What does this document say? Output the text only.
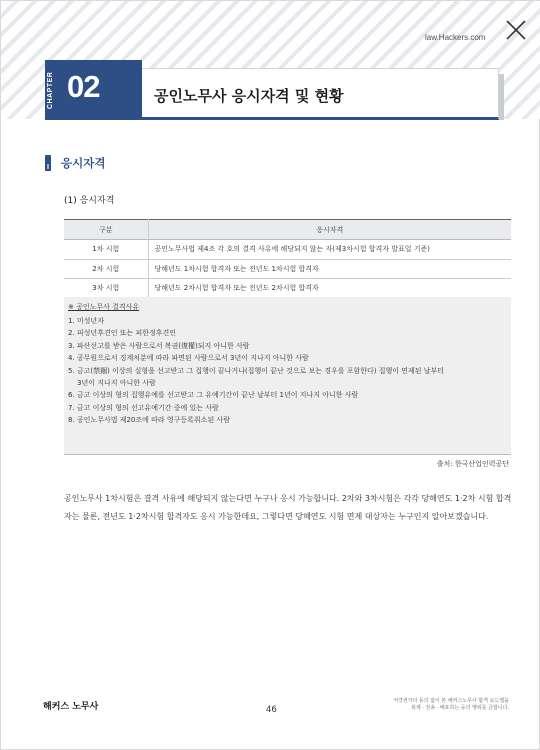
law.Hackers.com
CHAPTER 02	공인노무사 응시자격 및 현황
응시자격
(1) 응시자격
구분	응시자격
1차 시험	공인노무사법 제4조 각 호의 결격 사유에 해당되지 않는 자(제3차시험 합격자 발표일 기준)
2차 시험	당해년도 1차시험 합격자 또는 전년도 1차시험 합격자
3차 시험	당해년도 2차시험 합격자 또는 전년도 2차시험 합격자
※ 공인노무사 결격사유
1. 미성년자
2. 피성년후견인 또는 피한정후견인
3. 파산선고를 받은 사람으로서 복권(復權)되지 아니한 사람
4. 공무원으로서 징계처분에 따라 파면된 사람으로서 3년이 지나지 아니한 사람
5. 금고(禁錮) 이상의 실형을 선고받고 그 집행이 끝나거나(집행이 끝난 것으로 보는 경우를 포함한다) 집행이 면제된 날부터
3년이 지나지 아니한 사람
6. 금고 이상의 형의 집행유예를 선고받고 그 유예기간이 끝난 날부터 1년이 지나지 아니한 사람
7. 금고 이상의 형의 선고유예기간 중에 있는 사람
8. 공인노무사법 제20조에 따라 영구등록취소된 사람
출처: 한국산업인력공단

공인노무사 1차시험은 결격 사유에 해당되지 않는다면 누구나 응시 가능합니다. 2차와 3차시험은 각각 당해연도 1·2차 시험 합격자는 물론, 전년도 1·2차시험 합격자도 응시 가능한데요, 그렇다면 당해연도 시험 면제 대상자는 누구인지 알아보겠습니다.

해커스 노무사	46
저작권자의 동의 없이 본 해커스노무사 합격 로드맵을
복제 · 전송 · 배포하는 등의 행위를 금합니다.
